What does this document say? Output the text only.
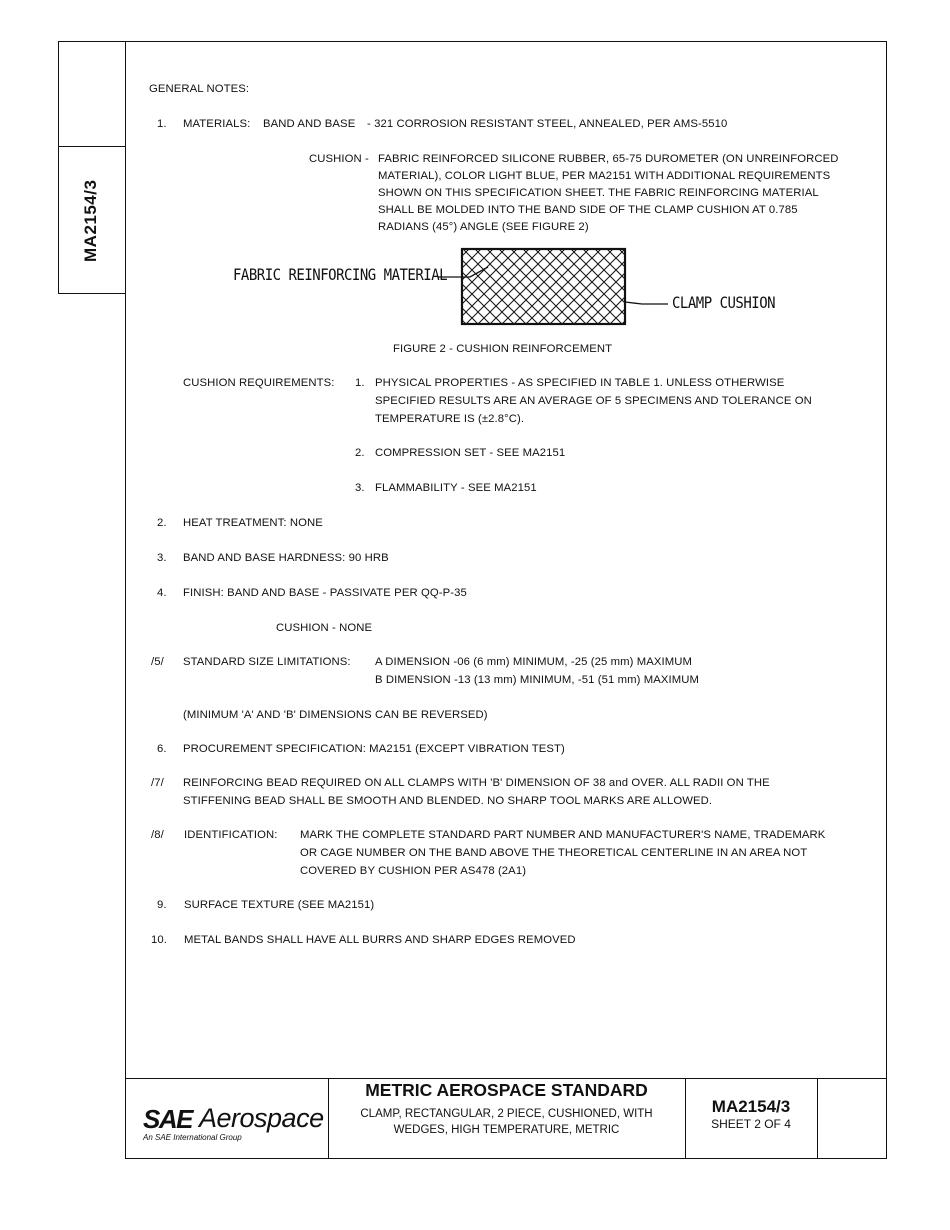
MA2154/3
GENERAL NOTES:
1. MATERIALS: BAND AND BASE - 321 CORROSION RESISTANT STEEL, ANNEALED, PER AMS-5510
CUSHION - FABRIC REINFORCED SILICONE RUBBER, 65-75 DUROMETER (ON UNREINFORCED
MATERIAL), COLOR LIGHT BLUE, PER MA2151 WITH ADDITIONAL REQUIREMENTS
SHOWN ON THIS SPECIFICATION SHEET. THE FABRIC REINFORCING MATERIAL
SHALL BE MOLDED INTO THE BAND SIDE OF THE CLAMP CUSHION AT 0.785
RADIANS (45°) ANGLE (SEE FIGURE 2)
FABRIC REINFORCING MATERIAL
CLAMP CUSHION
FIGURE 2 - CUSHION REINFORCEMENT
CUSHION REQUIREMENTS: 1. PHYSICAL PROPERTIES - AS SPECIFIED IN TABLE 1. UNLESS OTHERWISE
SPECIFIED RESULTS ARE AN AVERAGE OF 5 SPECIMENS AND TOLERANCE ON
TEMPERATURE IS (±2.8°C).
2. COMPRESSION SET - SEE MA2151
3. FLAMMABILITY - SEE MA2151
2. HEAT TREATMENT: NONE
3. BAND AND BASE HARDNESS: 90 HRB
4. FINISH: BAND AND BASE - PASSIVATE PER QQ-P-35
CUSHION - NONE
/5/ STANDARD SIZE LIMITATIONS: A DIMENSION -06 (6 mm) MINIMUM, -25 (25 mm) MAXIMUM
B DIMENSION -13 (13 mm) MINIMUM, -51 (51 mm) MAXIMUM
(MINIMUM 'A' AND 'B' DIMENSIONS CAN BE REVERSED)
6. PROCUREMENT SPECIFICATION: MA2151 (EXCEPT VIBRATION TEST)
/7/ REINFORCING BEAD REQUIRED ON ALL CLAMPS WITH 'B' DIMENSION OF 38 and OVER. ALL RADII ON THE
STIFFENING BEAD SHALL BE SMOOTH AND BLENDED. NO SHARP TOOL MARKS ARE ALLOWED.
/8/ IDENTIFICATION: MARK THE COMPLETE STANDARD PART NUMBER AND MANUFACTURER'S NAME, TRADEMARK
OR CAGE NUMBER ON THE BAND ABOVE THE THEORETICAL CENTERLINE IN AN AREA NOT
COVERED BY CUSHION PER AS478 (2A1)
9. SURFACE TEXTURE (SEE MA2151)
10. METAL BANDS SHALL HAVE ALL BURRS AND SHARP EDGES REMOVED
SAE Aerospace
An SAE International Group
METRIC AEROSPACE STANDARD
CLAMP, RECTANGULAR, 2 PIECE, CUSHIONED, WITH
WEDGES, HIGH TEMPERATURE, METRIC
MA2154/3
SHEET 2 OF 4
